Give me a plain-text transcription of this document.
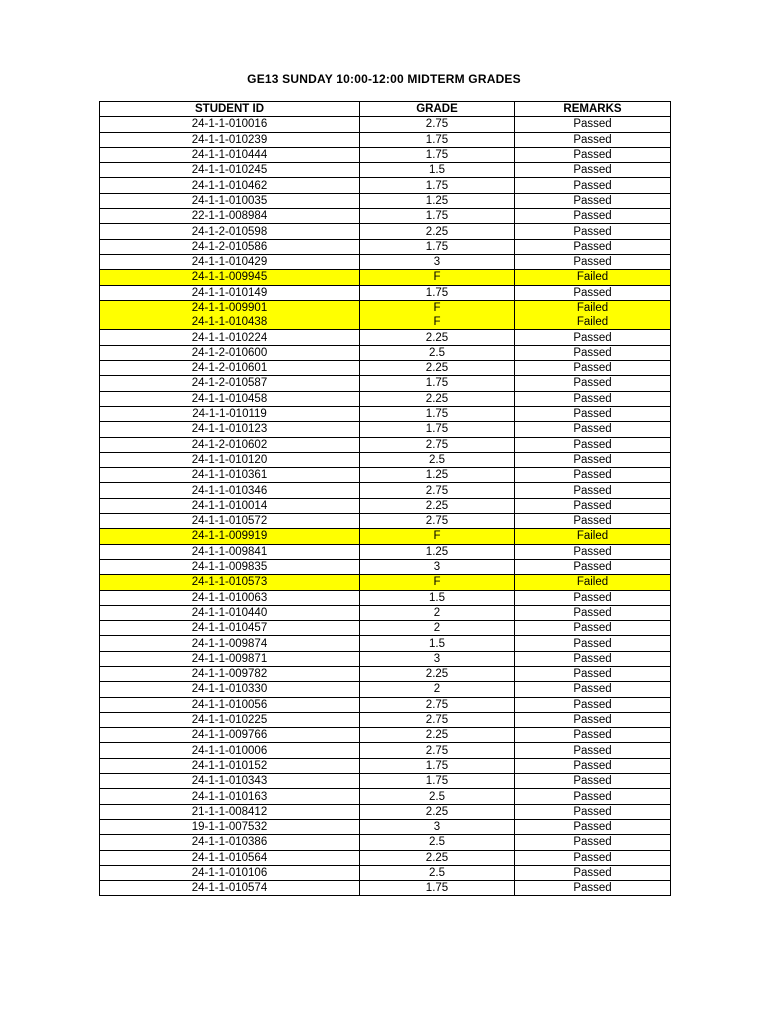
GE13 SUNDAY 10:00-12:00 MIDTERM GRADES
STUDENT ID	GRADE	REMARKS
24-1-1-010016	2.75	Passed
24-1-1-010239	1.75	Passed
24-1-1-010444	1.75	Passed
24-1-1-010245	1.5	Passed
24-1-1-010462	1.75	Passed
24-1-1-010035	1.25	Passed
22-1-1-008984	1.75	Passed
24-1-2-010598	2.25	Passed
24-1-2-010586	1.75	Passed
24-1-1-010429	3	Passed
24-1-1-009945	F	Failed
24-1-1-010149	1.75	Passed
24-1-1-009901	F	Failed
24-1-1-010438	F	Failed
24-1-1-010224	2.25	Passed
24-1-2-010600	2.5	Passed
24-1-2-010601	2.25	Passed
24-1-2-010587	1.75	Passed
24-1-1-010458	2.25	Passed
24-1-1-010119	1.75	Passed
24-1-1-010123	1.75	Passed
24-1-2-010602	2.75	Passed
24-1-1-010120	2.5	Passed
24-1-1-010361	1.25	Passed
24-1-1-010346	2.75	Passed
24-1-1-010014	2.25	Passed
24-1-1-010572	2.75	Passed
24-1-1-009919	F	Failed
24-1-1-009841	1.25	Passed
24-1-1-009835	3	Passed
24-1-1-010573	F	Failed
24-1-1-010063	1.5	Passed
24-1-1-010440	2	Passed
24-1-1-010457	2	Passed
24-1-1-009874	1.5	Passed
24-1-1-009871	3	Passed
24-1-1-009782	2.25	Passed
24-1-1-010330	2	Passed
24-1-1-010056	2.75	Passed
24-1-1-010225	2.75	Passed
24-1-1-009766	2.25	Passed
24-1-1-010006	2.75	Passed
24-1-1-010152	1.75	Passed
24-1-1-010343	1.75	Passed
24-1-1-010163	2.5	Passed
21-1-1-008412	2.25	Passed
19-1-1-007532	3	Passed
24-1-1-010386	2.5	Passed
24-1-1-010564	2.25	Passed
24-1-1-010106	2.5	Passed
24-1-1-010574	1.75	Passed
